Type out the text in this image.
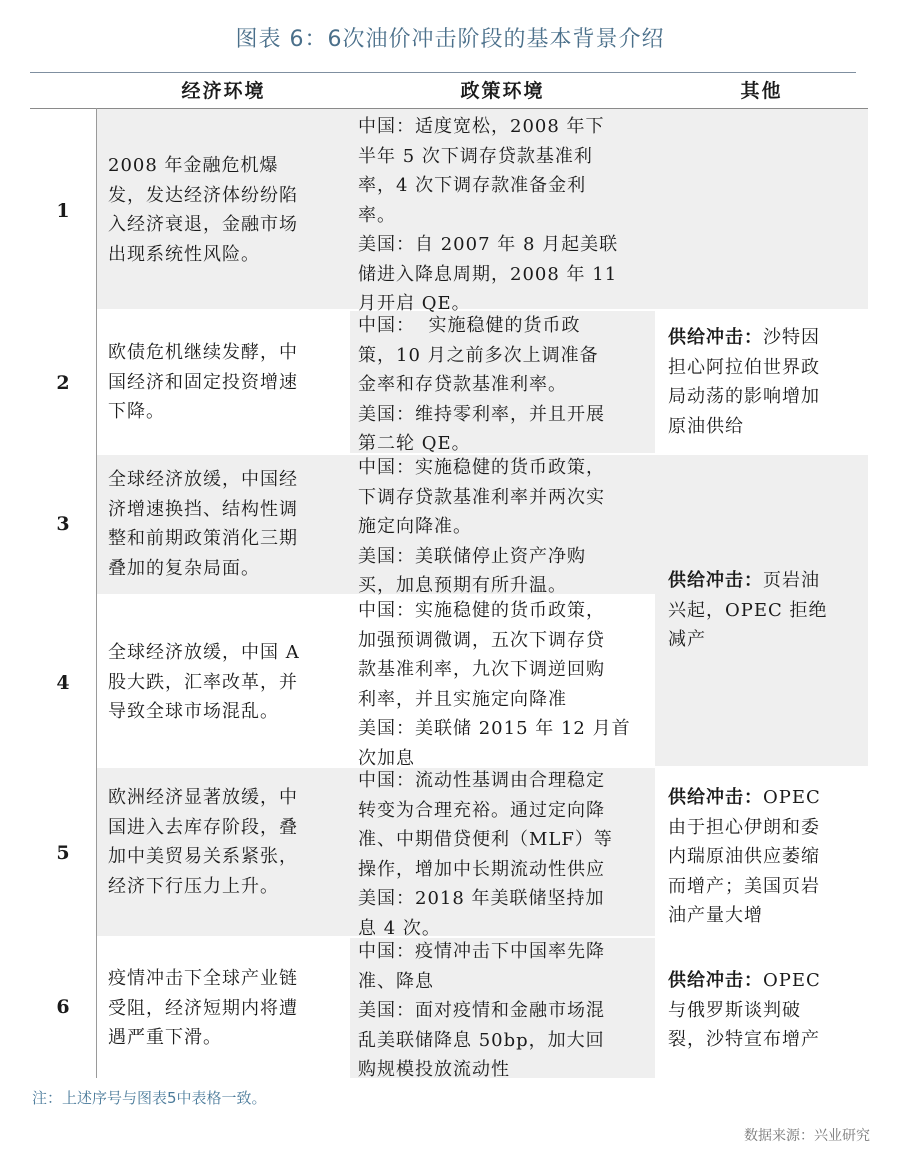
图表 6：6次油价冲击阶段的基本背景介绍
经济环境	政策环境	其他
1
2
3
4
5
6
2008 年金融危机爆
发，发达经济体纷纷陷
入经济衰退，金融市场
出现系统性风险。
欧债危机继续发酵，中
国经济和固定投资增速
下降。
全球经济放缓，中国经
济增速换挡、结构性调
整和前期政策消化三期
叠加的复杂局面。
全球经济放缓，中国 A
股大跌，汇率改革，并
导致全球市场混乱。
欧洲经济显著放缓，中
国进入去库存阶段，叠
加中美贸易关系紧张，
经济下行压力上升。
疫情冲击下全球产业链
受阻，经济短期内将遭
遇严重下滑。
中国：适度宽松，2008 年下
半年 5 次下调存贷款基准利
率，4 次下调存款准备金利
率。
美国：自 2007 年 8 月起美联
储进入降息周期，2008 年 11
月开启 QE。
中国：  实施稳健的货币政
策，10 月之前多次上调准备
金率和存贷款基准利率。
美国：维持零利率，并且开展
第二轮 QE。
中国：实施稳健的货币政策，
下调存贷款基准利率并两次实
施定向降准。
美国：美联储停止资产净购
买，加息预期有所升温。
中国：实施稳健的货币政策，
加强预调微调，五次下调存贷
款基准利率，九次下调逆回购
利率，并且实施定向降准
美国：美联储 2015 年 12 月首
次加息
中国：流动性基调由合理稳定
转变为合理充裕。通过定向降
准、中期借贷便利（MLF）等
操作，增加中长期流动性供应
美国：2018 年美联储坚持加
息 4 次。
中国：疫情冲击下中国率先降
准、降息
美国：面对疫情和金融市场混
乱美联储降息 50bp，加大回
购规模投放流动性
供给冲击：沙特因
担心阿拉伯世界政
局动荡的影响增加
原油供给
供给冲击：页岩油
兴起，OPEC 拒绝
减产
供给冲击：OPEC
由于担心伊朗和委
内瑞原油供应萎缩
而增产；美国页岩
油产量大增
供给冲击：OPEC
与俄罗斯谈判破
裂，沙特宣布增产
注：上述序号与图表5中表格一致。
数据来源：兴业研究
